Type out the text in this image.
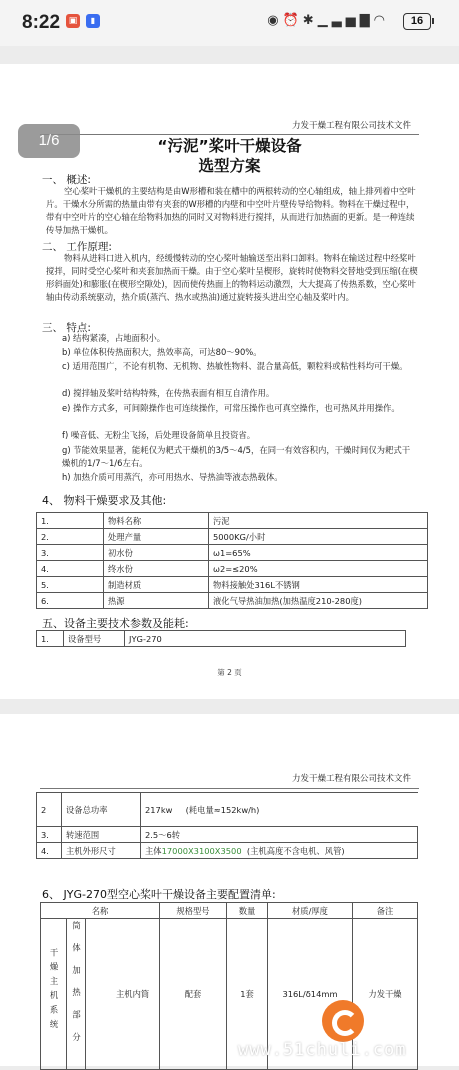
8:22 ▣	▮	◉⏰✱▁▃▅▇◠	16
力发干燥工程有限公司技术文件
“污泥”桨叶干燥设备
选型方案
一、 概述:
空心桨叶干燥机的主要结构是由W形槽和装在槽中的两根转动的空心轴组成，轴上排列着中空叶片。干燥水分所需的热量由带有夹套的W形槽的内壁和中空叶片壁传导给物料。物料在干燥过程中，带有中空叶片的空心轴在给物料加热的同时又对物料进行搅拌，从而进行加热面的更新。是一种连续传导加热干燥机。
二、 工作原理:
物料从进料口进入机内，经缓慢转动的空心桨叶轴输送至出料口卸料。物料在输送过程中经桨叶搅拌，同时受空心桨叶和夹套加热而干燥。由于空心桨叶呈楔形，旋转时使物料交替地受到压缩(在楔形斜面处)和膨胀(在楔形空隙处)，因而使传热面上的物料运动激烈，大大提高了传热系数，空心桨叶轴由传动系统驱动，热介质(蒸汽、热水或热油)通过旋转接头进出空心轴及桨叶内。
三、 特点:
a) 结构紧凑，占地面积小。
b) 单位体积传热面积大，热效率高，可达80～90%。
c) 适用范围广，不论有机物、无机物、热敏性物料、混合量高低，颗粒料或粘性料均可干燥。
d) 搅拌轴及桨叶结构特殊，在传热表面有相互自清作用。
e) 操作方式多，可间隙操作也可连续操作，可常压操作也可真空操作，也可热风并用操作。
f) 噪音低、无粉尘飞扬，后处理设备简单且投资省。
g) 节能效果显著，能耗仅为耙式干燥机的3/5～4/5，在同一有效容积内，干燥时间仅为耙式干燥机的1/7～1/6左右。
h) 加热介质可用蒸汽，亦可用热水、导热油等液态热载体。
4、 物料干燥要求及其他:
1.	物料名称	污泥
2.	处理产量	5000KG/小时
3.	初水份	ω1=65%
4.	终水份	ω2=≤20%
5.	制造材质	物料接触处316L不锈钢
6.	热源	液化气导热油加热(加热温度210-280度)
五、设备主要技术参数及能耗:
1.	设备型号	JYG-270
第 2 页
1/6
力发干燥工程有限公司技术文件
2	设备总功率	217kw (耗电量≈152kw/h)
3.	转速范围	2.5～6转
4.	主机外形尺寸	主体17000X3100X3500 (主机高度不含电机、风管)
6、 JYG-270型空心桨叶干燥设备主要配置清单:
名称		规格型号	数量	材质/厚度	备注
干燥主机系统	筒体加热部分 主机内筒	配套	1套	316L/δ14mm	力发干燥
www.51chuli.com
